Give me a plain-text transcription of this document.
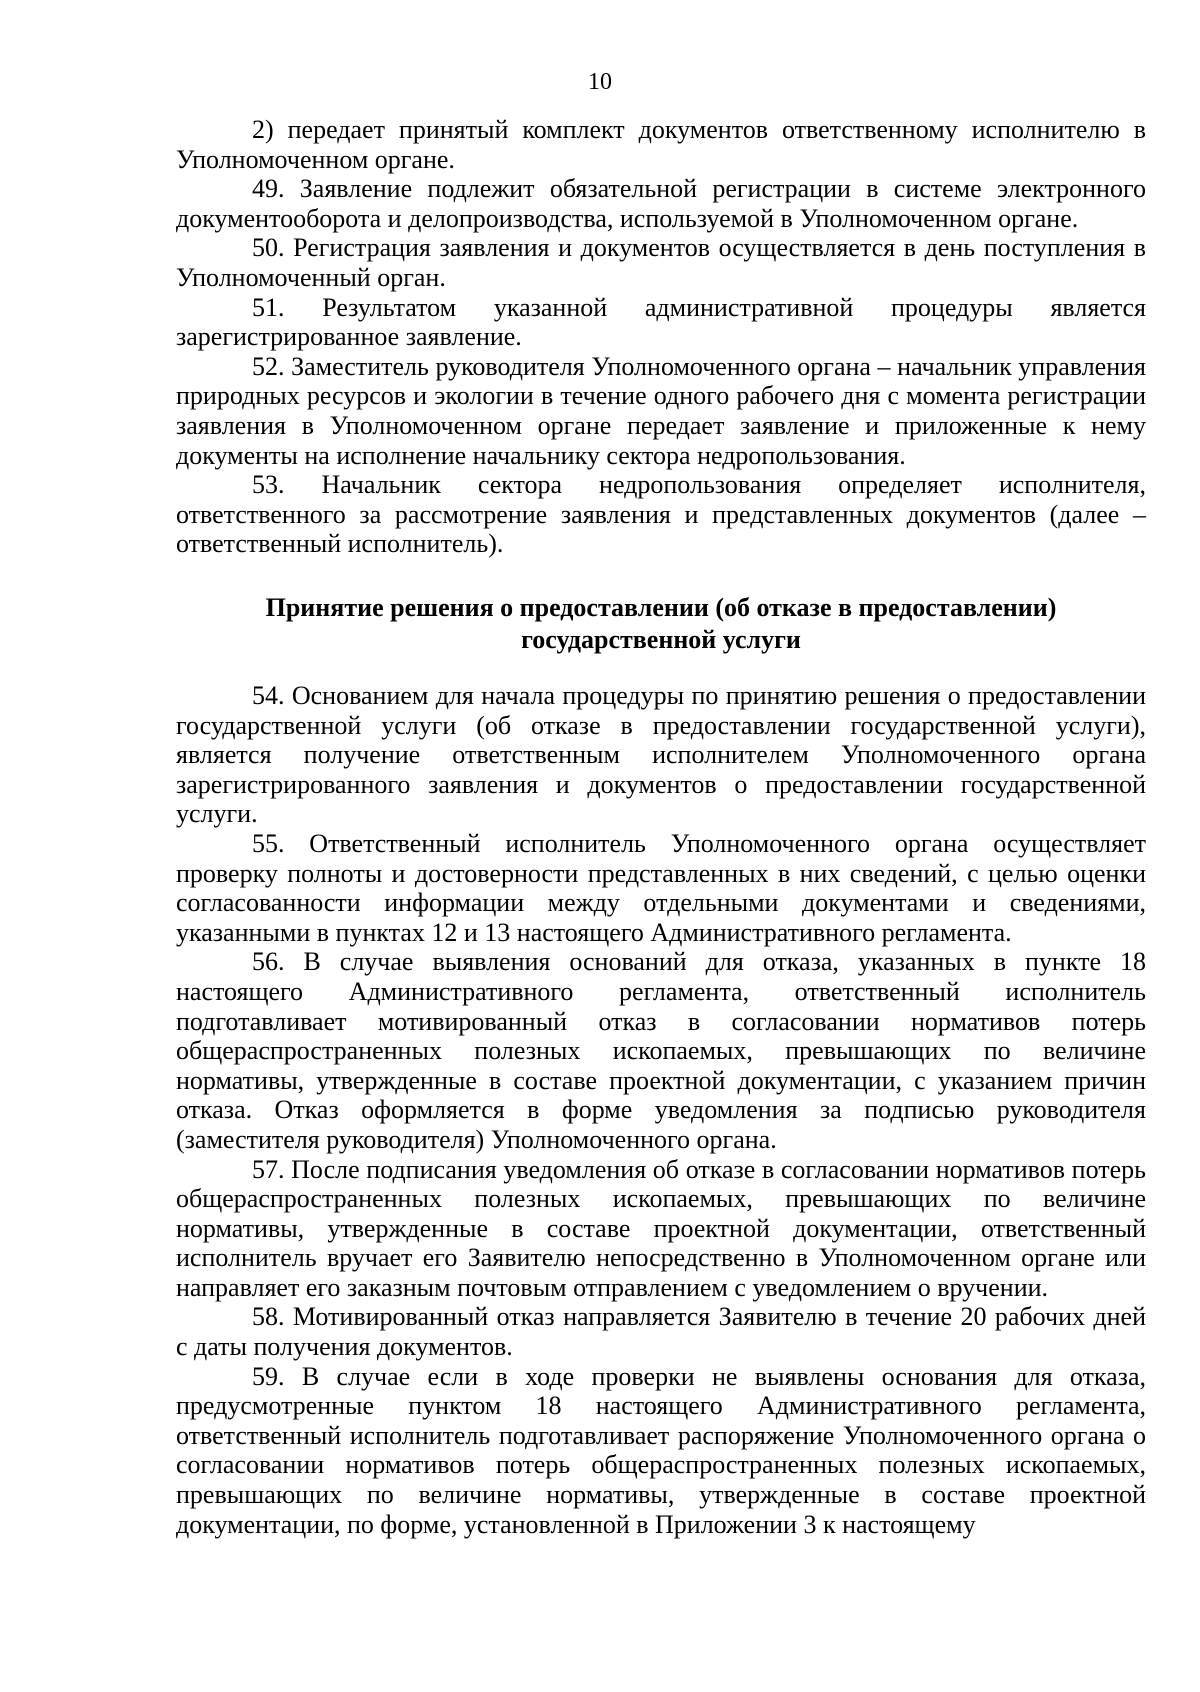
10

2) передает принятый комплект документов ответственному исполнителю в Уполномоченном органе.

49. Заявление подлежит обязательной регистрации в системе электронного документооборота и делопроизводства, используемой в Уполномоченном органе.

50. Регистрация заявления и документов осуществляется в день поступления в Уполномоченный орган.

51. Результатом указанной административной процедуры является зарегистрированное заявление.

52. Заместитель руководителя Уполномоченного органа – начальник управления природных ресурсов и экологии в течение одного рабочего дня с момента регистрации заявления в Уполномоченном органе передает заявление и приложенные к нему документы на исполнение начальнику сектора недропользования.

53. Начальник сектора недропользования определяет исполнителя, ответственного за рассмотрение заявления и представленных документов (далее – ответственный исполнитель).

Принятие решения о предоставлении (об отказе в предоставлении)
государственной услуги

54. Основанием для начала процедуры по принятию решения о предоставлении государственной услуги (об отказе в предоставлении государственной услуги), является получение ответственным исполнителем Уполномоченного органа зарегистрированного заявления и документов о предоставлении государственной услуги.

55. Ответственный исполнитель Уполномоченного органа осуществляет проверку полноты и достоверности представленных в них сведений, с целью оценки согласованности информации между отдельными документами и сведениями, указанными в пунктах 12 и 13 настоящего Административного регламента.

56. В случае выявления оснований для отказа, указанных в пункте 18 настоящего Административного регламента, ответственный исполнитель подготавливает мотивированный отказ в согласовании нормативов потерь общераспространенных полезных ископаемых, превышающих по величине нормативы, утвержденные в составе проектной документации, с указанием причин отказа. Отказ оформляется в форме уведомления за подписью руководителя (заместителя руководителя) Уполномоченного органа.

57. После подписания уведомления об отказе в согласовании нормативов потерь общераспространенных полезных ископаемых, превышающих по величине нормативы, утвержденные в составе проектной документации, ответственный исполнитель вручает его Заявителю непосредственно в Уполномоченном органе или направляет его заказным почтовым отправлением с уведомлением о вручении.

58. Мотивированный отказ направляется Заявителю в течение 20 рабочих дней с даты получения документов.

59. В случае если в ходе проверки не выявлены основания для отказа, предусмотренные пунктом 18 настоящего Административного регламента, ответственный исполнитель подготавливает распоряжение Уполномоченного органа о согласовании нормативов потерь общераспространенных полезных ископаемых, превышающих по величине нормативы, утвержденные в составе проектной документации, по форме, установленной в Приложении 3 к настоящему
